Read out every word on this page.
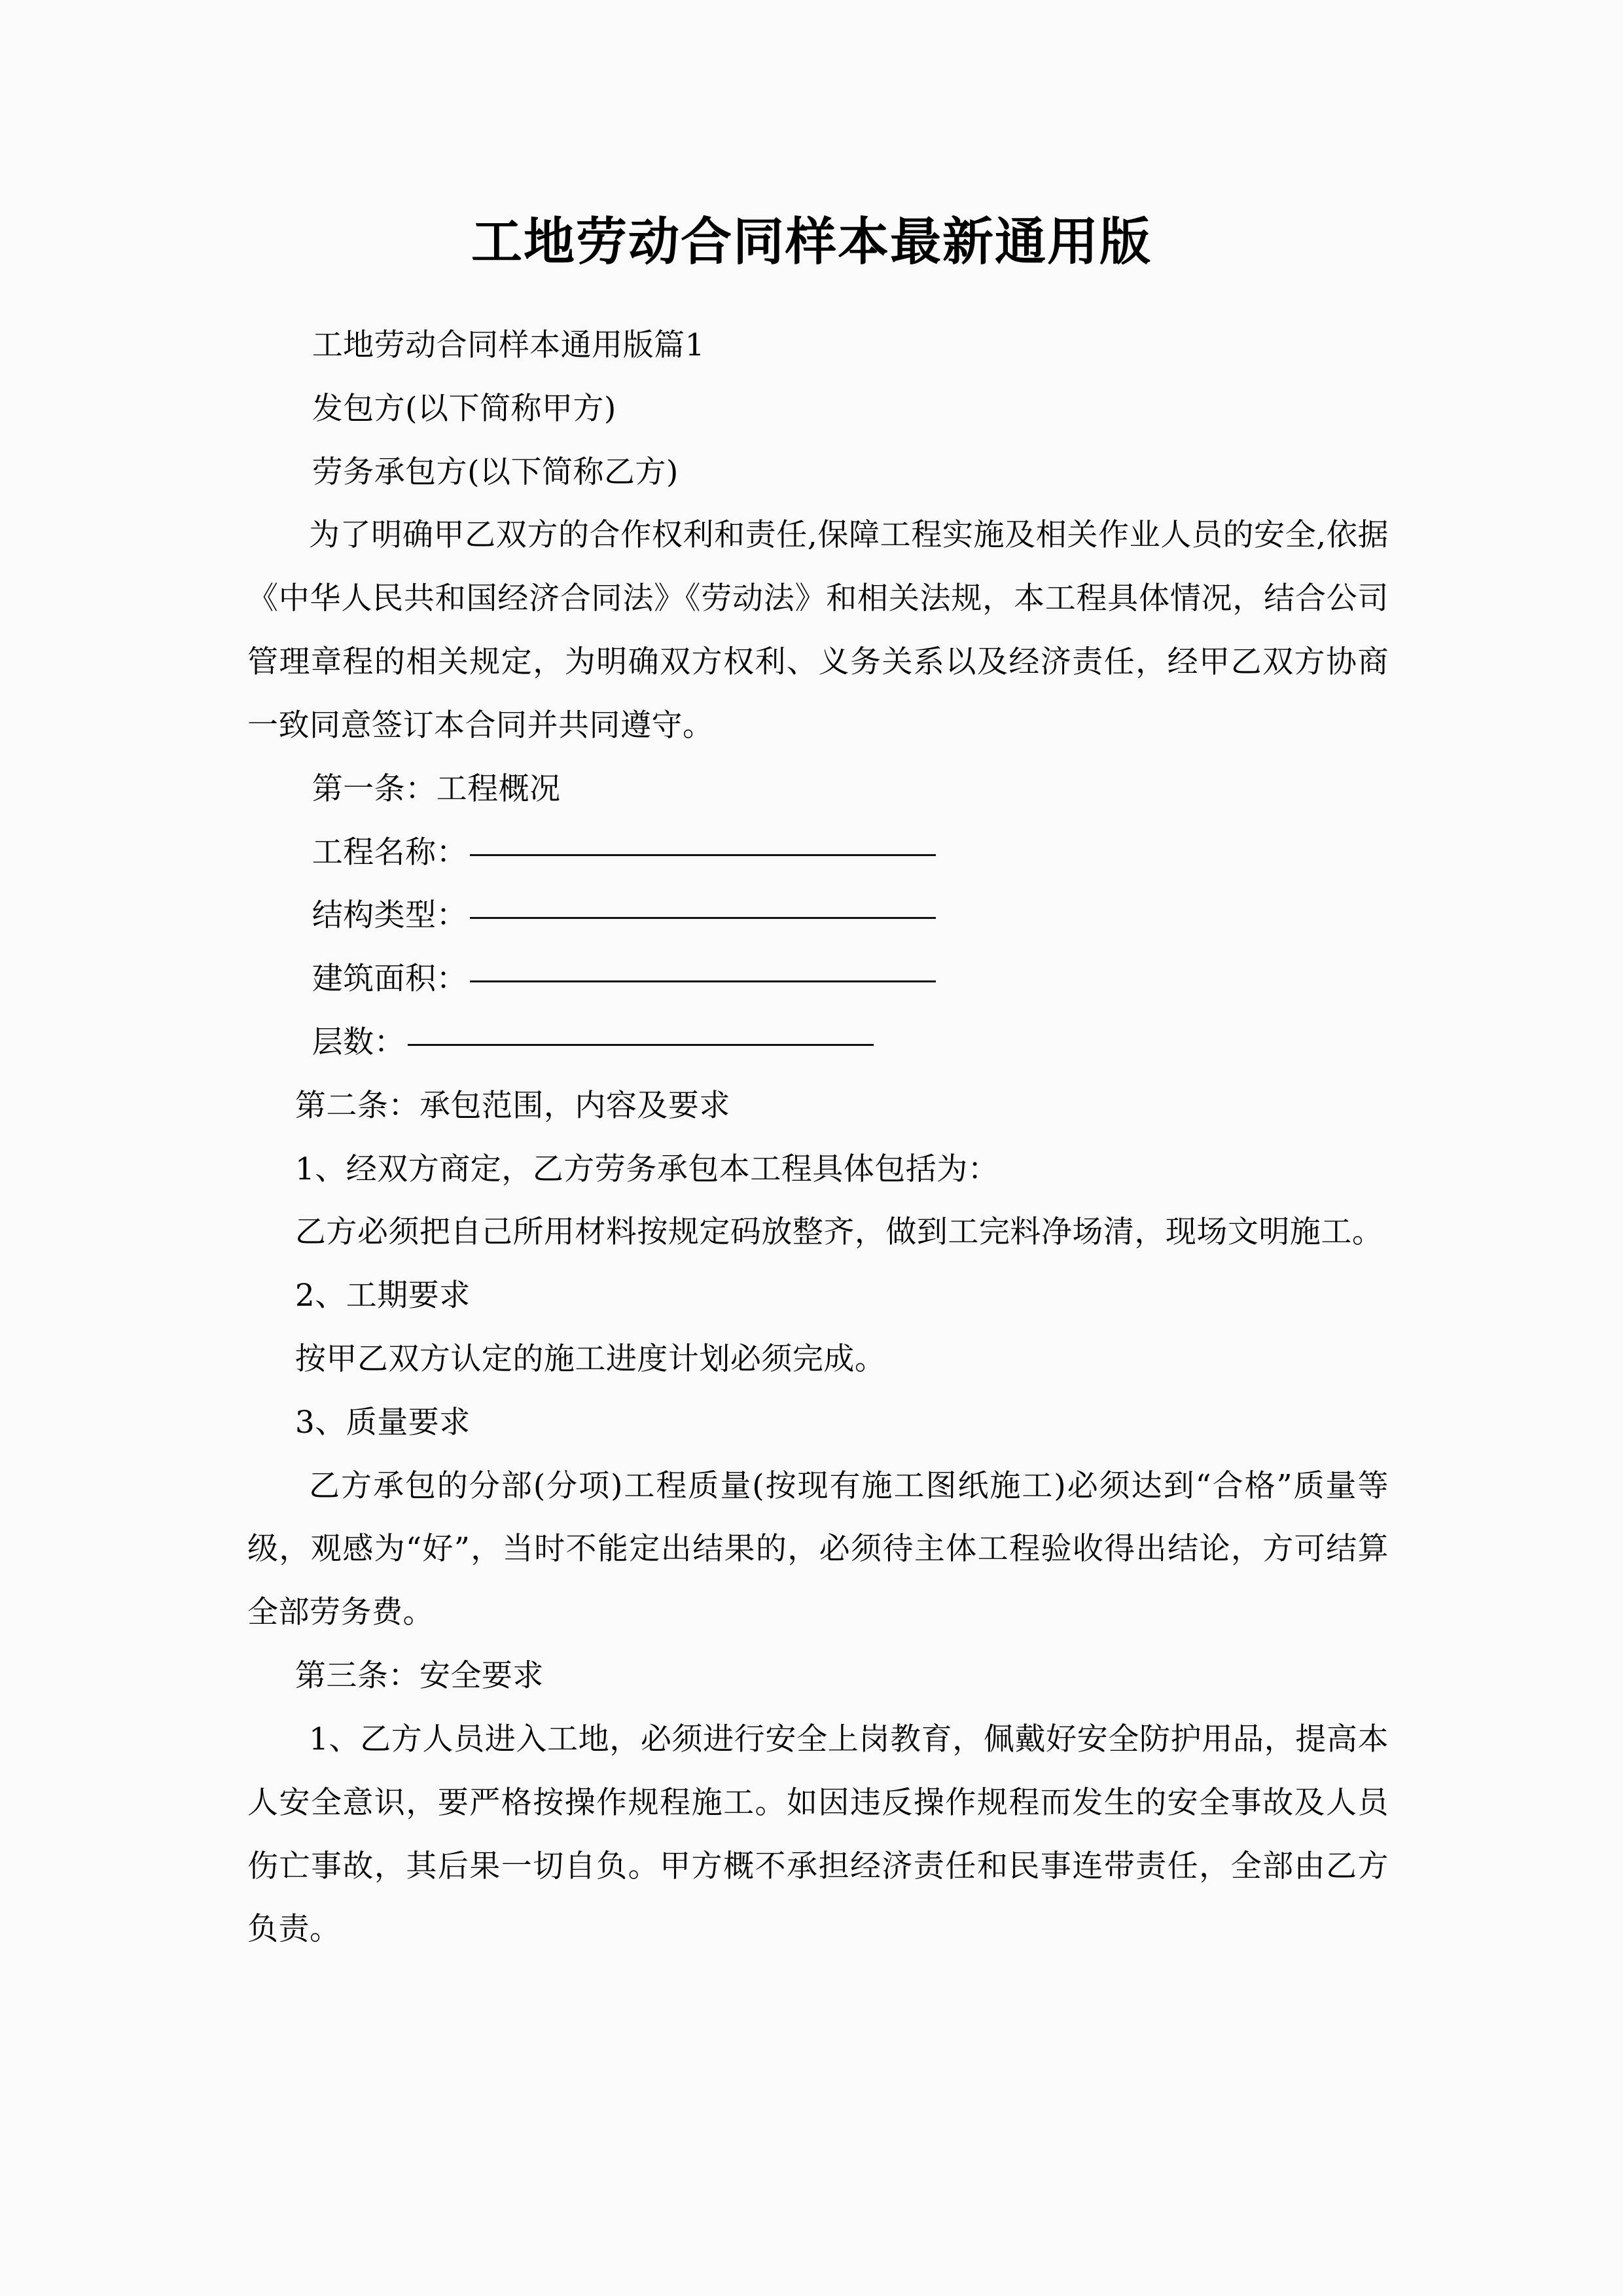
工地劳动合同样本最新通用版

工地劳动合同样本通用版篇1

发包方(以下简称甲方)

劳务承包方(以下简称乙方)

为了明确甲乙双方的合作权利和责任,保障工程实施及相关作业人员的安全,依据《中华人民共和国经济合同法》《劳动法》和相关法规，本工程具体情况，结合公司管理章程的相关规定，为明确双方权利、义务关系以及经济责任，经甲乙双方协商一致同意签订本合同并共同遵守。

第一条：工程概况

工程名称：

结构类型：

建筑面积：

层数：

第二条：承包范围，内容及要求

1、经双方商定，乙方劳务承包本工程具体包括为：

乙方必须把自己所用材料按规定码放整齐，做到工完料净场清，现场文明施工。

2、工期要求

按甲乙双方认定的施工进度计划必须完成。

3、质量要求

乙方承包的分部(分项)工程质量(按现有施工图纸施工)必须达到“合格”质量等级，观感为“好”，当时不能定出结果的，必须待主体工程验收得出结论，方可结算全部劳务费。

第三条：安全要求

1、乙方人员进入工地，必须进行安全上岗教育，佩戴好安全防护用品，提高本人安全意识，要严格按操作规程施工。如因违反操作规程而发生的安全事故及人员伤亡事故，其后果一切自负。甲方概不承担经济责任和民事连带责任，全部由乙方负责。
